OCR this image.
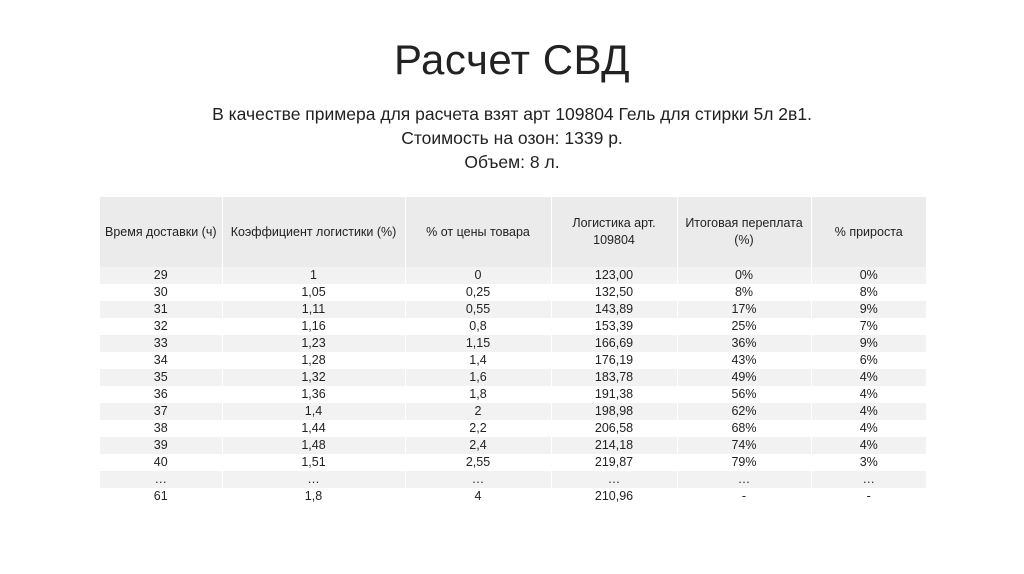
Расчет СВД
В качестве примера для расчета взят арт 109804 Гель для стирки 5л 2в1.
Стоимость на озон: 1339 р.
Объем: 8 л.
Время доставки (ч)	Коэффициент логистики (%)	% от цены товара	Логистика арт. 109804	Итоговая переплата (%)	% прироста
29	1	0	123,00	0%	0%
30	1,05	0,25	132,50	8%	8%
31	1,11	0,55	143,89	17%	9%
32	1,16	0,8	153,39	25%	7%
33	1,23	1,15	166,69	36%	9%
34	1,28	1,4	176,19	43%	6%
35	1,32	1,6	183,78	49%	4%
36	1,36	1,8	191,38	56%	4%
37	1,4	2	198,98	62%	4%
38	1,44	2,2	206,58	68%	4%
39	1,48	2,4	214,18	74%	4%
40	1,51	2,55	219,87	79%	3%
…	…	…	…	…	…
61	1,8	4	210,96	-	-
